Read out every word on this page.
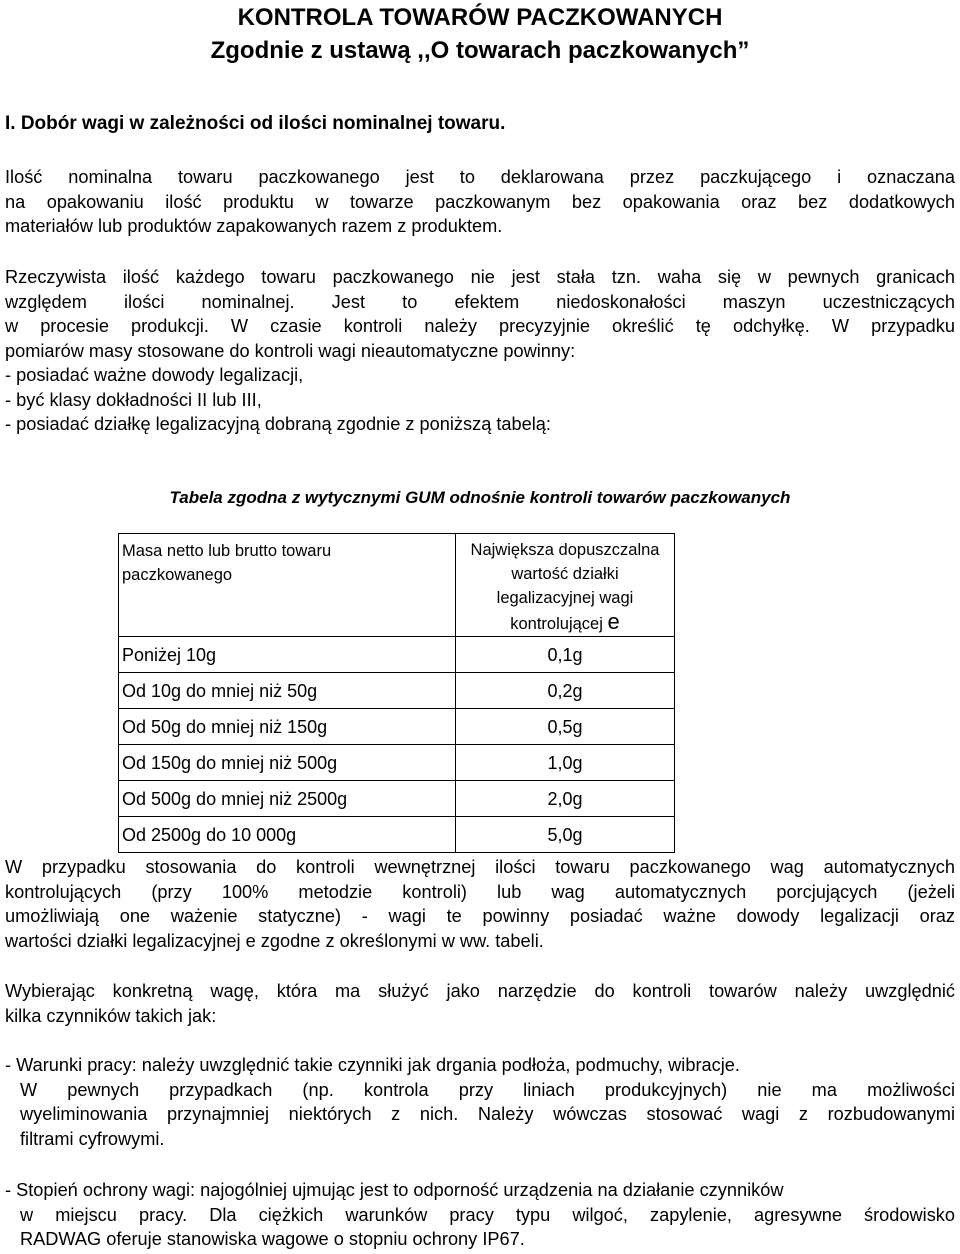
KONTROLA TOWARÓW PACZKOWANYCH
Zgodnie z ustawą ,,O towarach paczkowanych”
I. Dobór wagi w zależności od ilości nominalnej towaru.

Ilość nominalna towaru paczkowanego jest to deklarowana przez paczkującego i oznaczana

na opakowaniu ilość produktu w towarze paczkowanym bez opakowania oraz bez dodatkowych

materiałów lub produktów zapakowanych razem z produktem.

Rzeczywista ilość każdego towaru paczkowanego nie jest stała tzn. waha się w pewnych granicach

względem ilości nominalnej. Jest to efektem niedoskonałości maszyn uczestniczących

w procesie produkcji. W czasie kontroli należy precyzyjnie określić tę odchyłkę. W przypadku

pomiarów masy stosowane do kontroli wagi nieautomatyczne powinny:

- posiadać ważne dowody legalizacji,

- być klasy dokładności II lub III,

- posiadać działkę legalizacyjną dobraną zgodnie z poniższą tabelą:

Tabela zgodna z wytycznymi GUM odnośnie kontroli towarów paczkowanych
Masa netto lub brutto towaru
paczkowanego	Największa dopuszczalna wartość działki
legalizacyjnej wagi kontrolującej e
Poniżej 10g	0,1g
Od 10g do mniej niż 50g	0,2g
Od 50g do mniej niż 150g	0,5g
Od 150g do mniej niż 500g	1,0g
Od 500g do mniej niż 2500g	2,0g
Od 2500g do 10 000g	5,0g

W przypadku stosowania do kontroli wewnętrznej ilości towaru paczkowanego wag automatycznych

kontrolujących (przy 100% metodzie kontroli) lub wag automatycznych porcjujących (jeżeli

umożliwiają one ważenie statyczne) - wagi te powinny posiadać ważne dowody legalizacji oraz

wartości działki legalizacyjnej e zgodne z określonymi w ww. tabeli.

Wybierając konkretną wagę, która ma służyć jako narzędzie do kontroli towarów należy uwzględnić

kilka czynników takich jak:

- Warunki pracy: należy uwzględnić takie czynniki jak drgania podłoża, podmuchy, wibracje.

W pewnych przypadkach (np. kontrola przy liniach produkcyjnych) nie ma możliwości

wyeliminowania przynajmniej niektórych z nich. Należy wówczas stosować wagi z rozbudowanymi

filtrami cyfrowymi.

- Stopień ochrony wagi: najogólniej ujmując jest to odporność urządzenia na działanie czynników

w miejscu pracy. Dla ciężkich warunków pracy typu wilgoć, zapylenie, agresywne środowisko

RADWAG oferuje stanowiska wagowe o stopniu ochrony IP67.
